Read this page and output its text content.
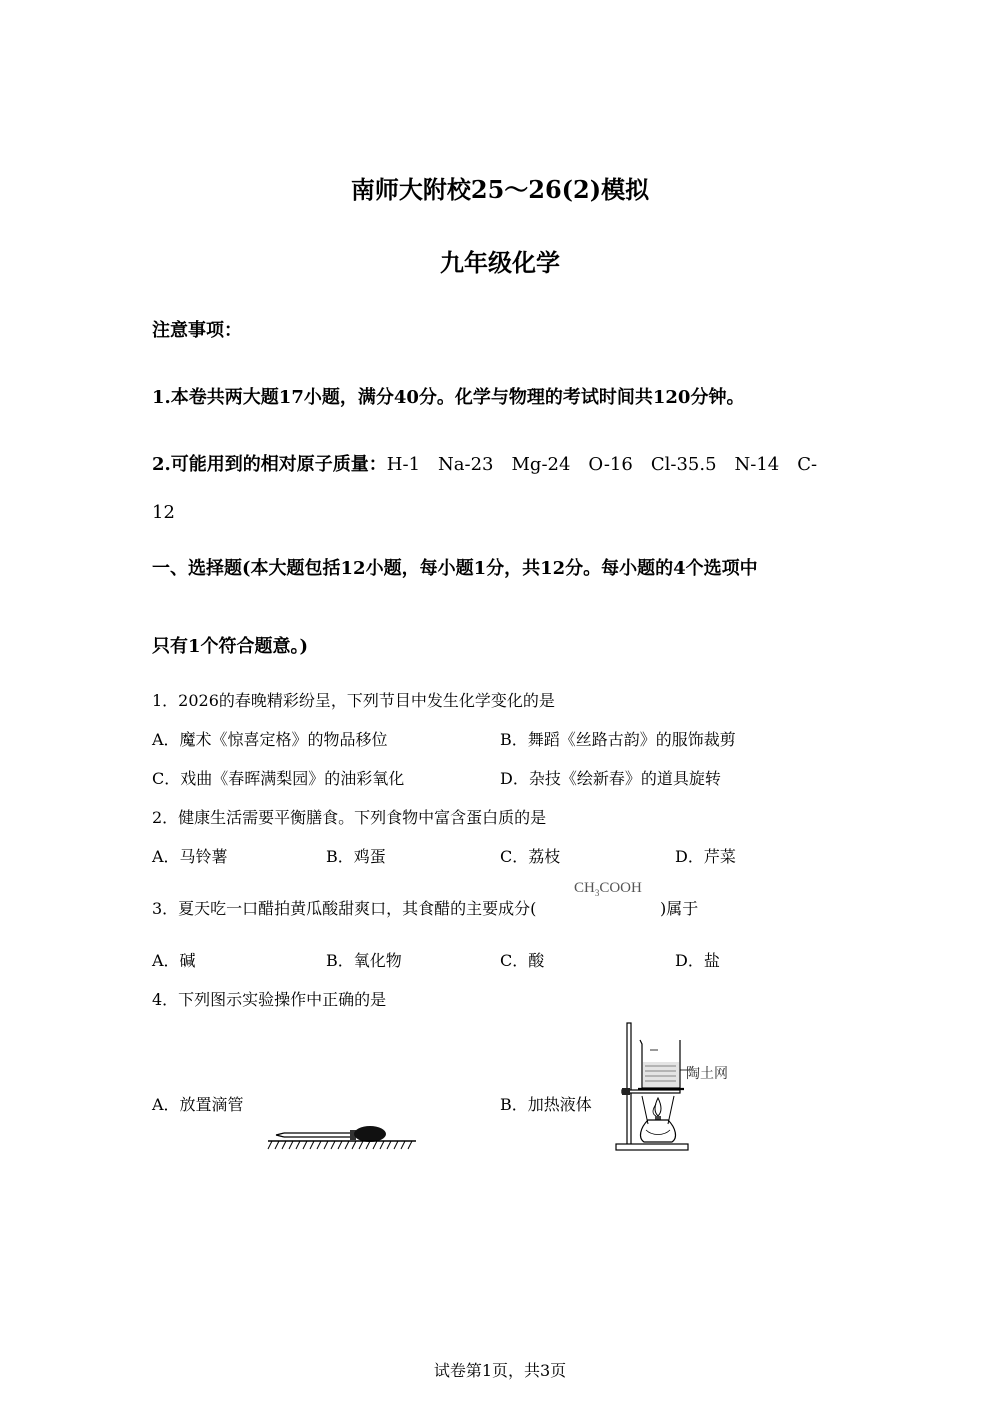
南师大附校25～26(2)模拟
九年级化学
注意事项：
1.本卷共两大题17小题，满分40分。化学与物理的考试时间共120分钟。
2.可能用到的相对原子质量：H-1　Na-23　Mg-24　O-16　Cl-35.5　N-14　C-
12
一、选择题(本大题包括12小题，每小题1分，共12分。每小题的4个选项中
只有1个符合题意。)
1．2026的春晚精彩纷呈，下列节目中发生化学变化的是
A．魔术《惊喜定格》的物品移位	B．舞蹈《丝路古韵》的服饰裁剪
C．戏曲《春晖满梨园》的油彩氧化	D．杂技《绘新春》的道具旋转
2．健康生活需要平衡膳食。下列食物中富含蛋白质的是
A．马铃薯	B．鸡蛋	C．荔枝	D．芹菜
3．夏天吃一口醋拍黄瓜酸甜爽口，其食醋的主要成分(
$CH_3COOH$
)属于
A．碱	B．氧化物	C．酸	D．盐
4．下列图示实验操作中正确的是
A．放置滴管	B．加热液体
陶土网
试卷第1页，共3页
